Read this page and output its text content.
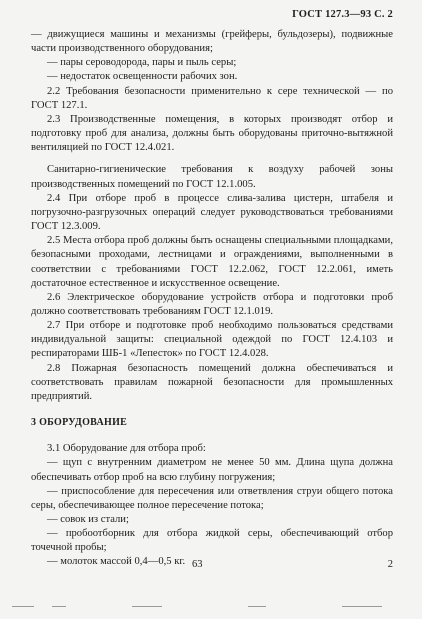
ГОСТ 127.3—93 С. 2

— движущиеся машины и механизмы (грейферы, бульдозеры), подвижные части производственного оборудования;

— пары сероводорода, пары и пыль серы;

— недостаток освещенности рабочих зон.

2.2 Требования безопасности применительно к сере технической — по ГОСТ 127.1.

2.3 Производственные помещения, в которых производят отбор и подготовку проб для анализа, должны быть оборудованы приточно-вытяжной вентиляцией по ГОСТ 12.4.021.

Санитарно-гигиенические требования к воздуху рабочей зоны производственных помещений по ГОСТ 12.1.005.

2.4 При отборе проб в процессе слива-залива цистерн, штабеля и погрузочно-разгрузочных операций следует руководствоваться требованиями ГОСТ 12.3.009.

2.5 Места отбора проб должны быть оснащены специальными площадками, безопасными проходами, лестницами и ограждениями, выполненными в соответствии с требованиями ГОСТ 12.2.062, ГОСТ 12.2.061, иметь достаточное естественное и искусственное освещение.

2.6 Электрическое оборудование устройств отбора и подготовки проб должно соответствовать требованиям ГОСТ 12.1.019.

2.7 При отборе и подготовке проб необходимо пользоваться средствами индивидуальной защиты: специальной одеждой по ГОСТ 12.4.103 и респираторами ШБ-1 «Лепесток» по ГОСТ 12.4.028.

2.8 Пожарная безопасность помещений должна обеспечиваться и соответствовать правилам пожарной безопасности для промышленных предприятий.

3 ОБОРУДОВАНИЕ

3.1 Оборудование для отбора проб:

— щуп с внутренним диаметром не менее 50 мм. Длина щупа должна обеспечивать отбор проб на всю глубину погружения;

— приспособление для пересечения или ответвления струи общего потока серы, обеспечивающее полное пересечение потока;

— совок из стали;

— пробоотборник для отбора жидкой серы, обеспечивающий отбор точечной пробы;

— молоток массой 0,4—0,5 кг. 63	2
